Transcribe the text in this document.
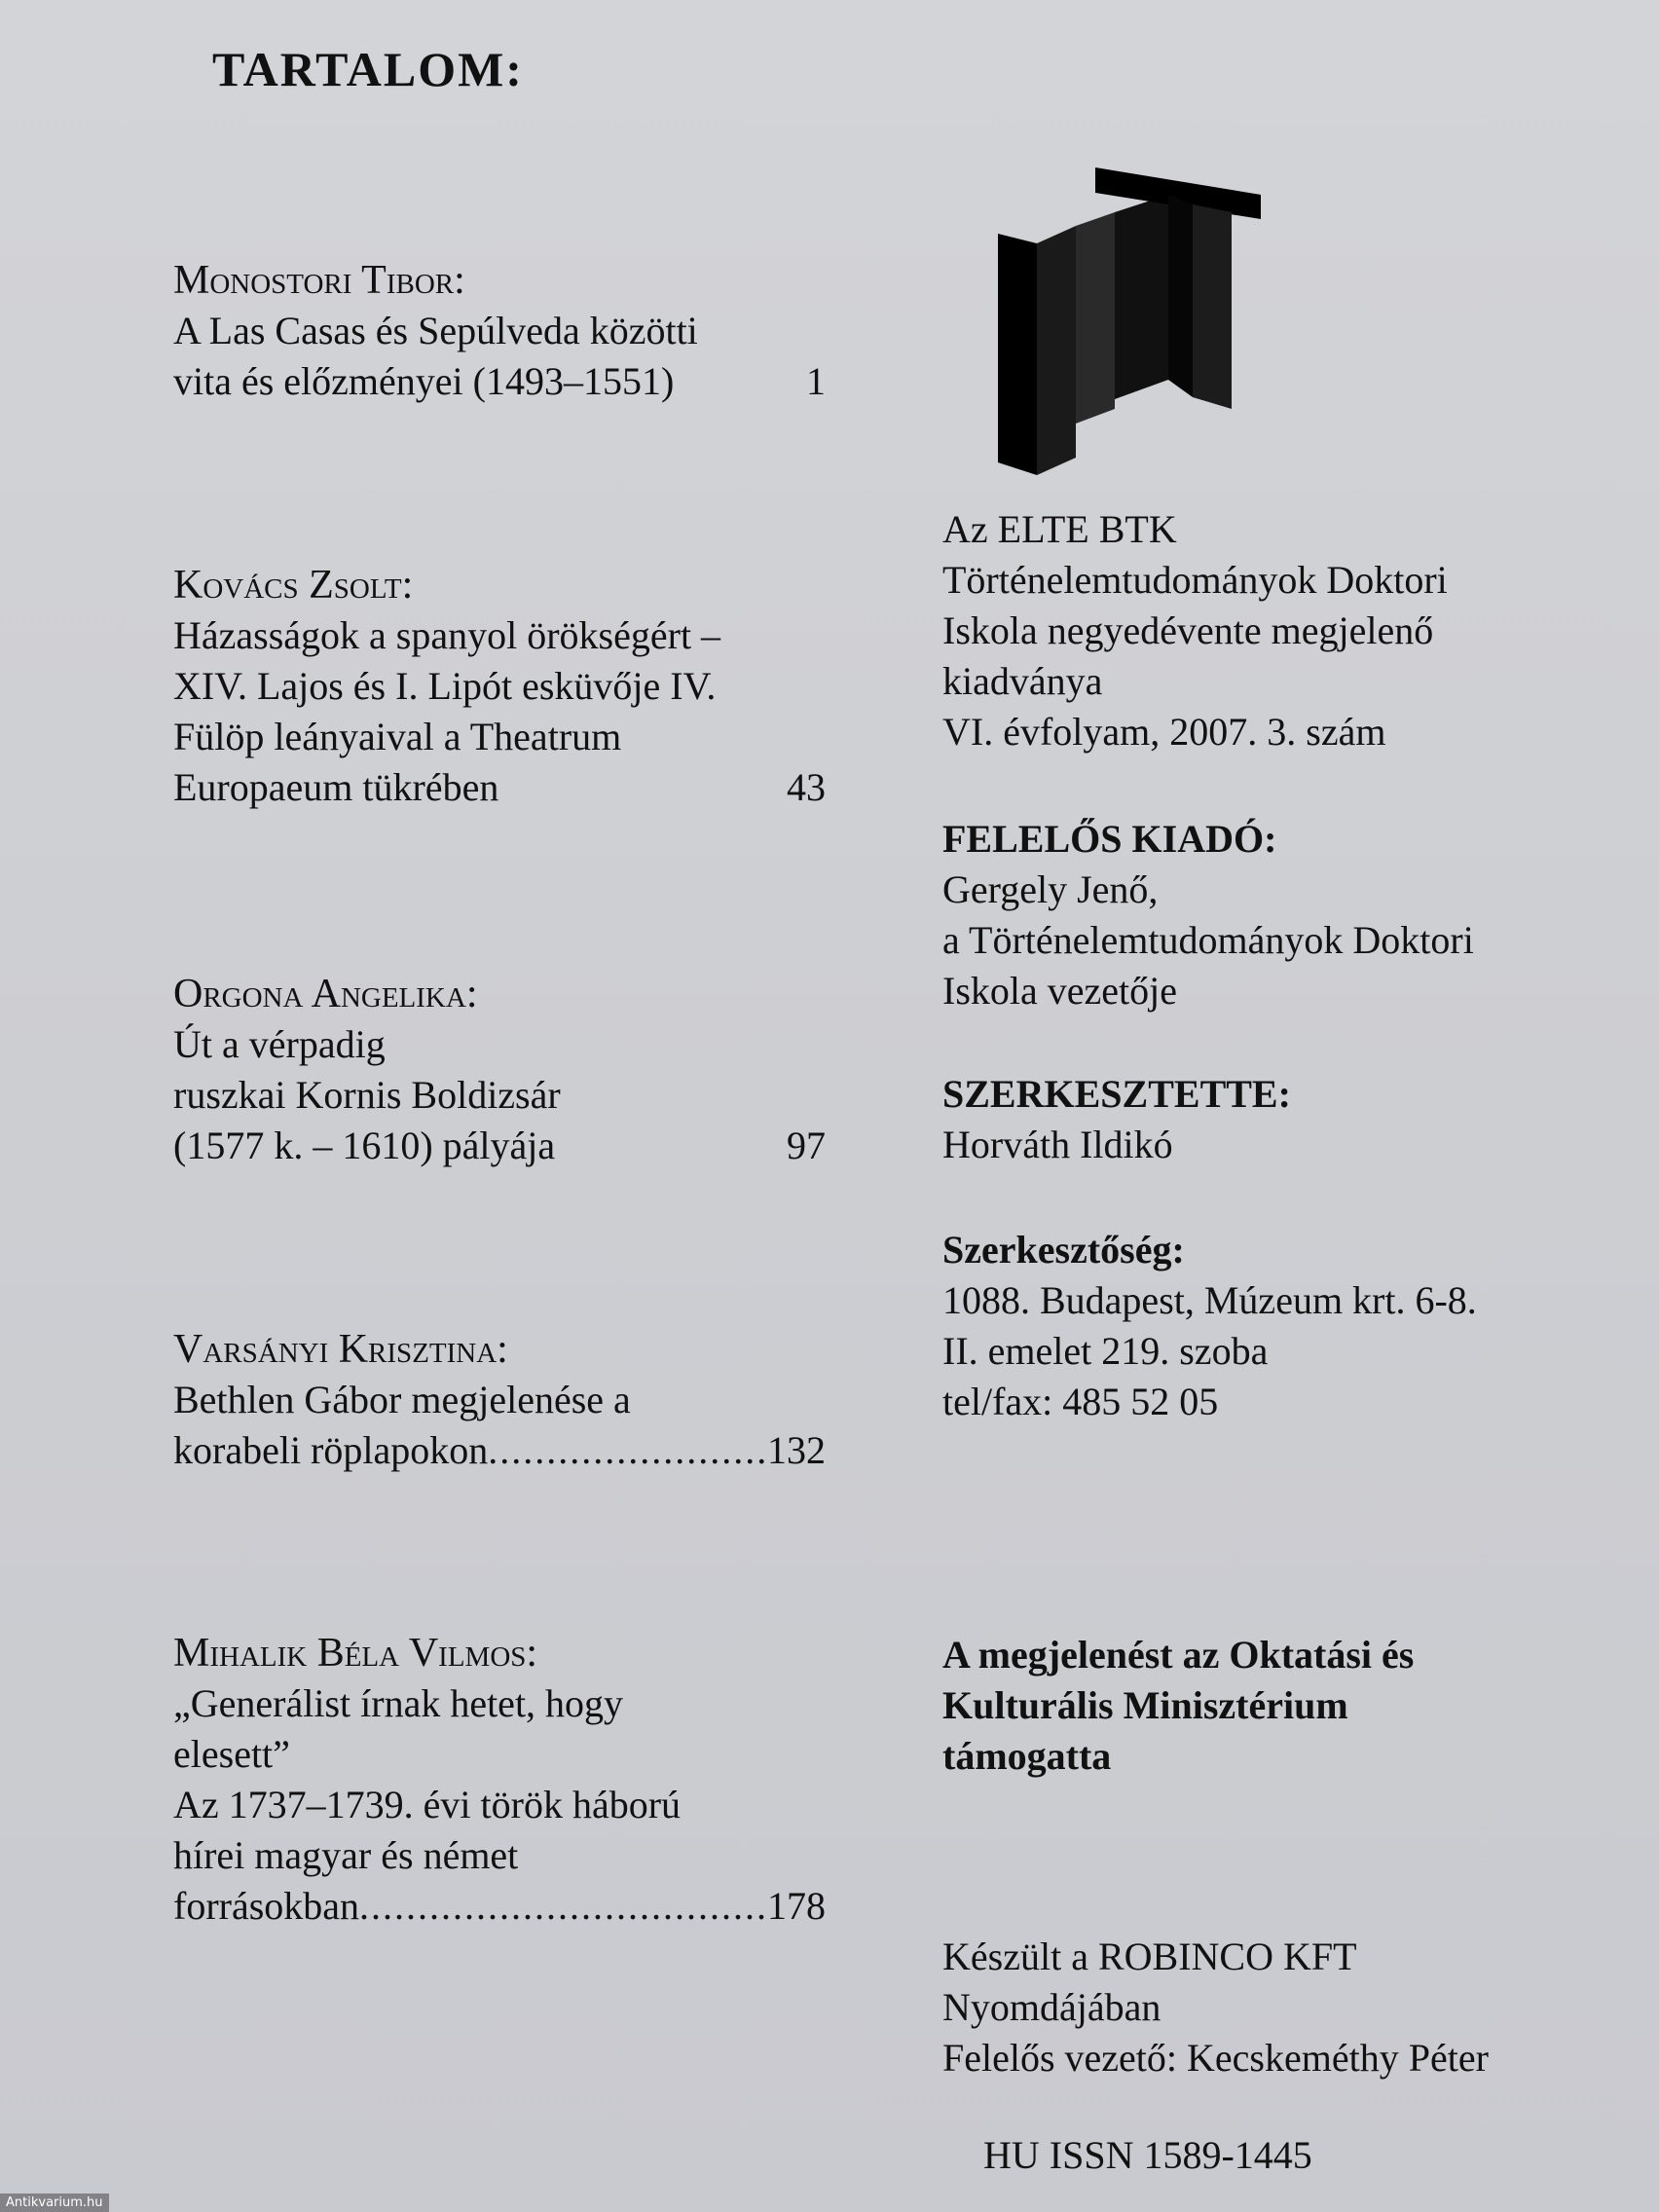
TARTALOM:
Monostori Tibor:
A Las Casas és Sepúlveda közötti
vita és előzményei (1493–1551)	1
Kovács Zsolt:
Házasságok a spanyol örökségért –
XIV. Lajos és I. Lipót esküvője IV.
Fülöp leányaival a Theatrum
Europaeum tükrében	43
Orgona Angelika:
Út a vérpadig
ruszkai Kornis Boldizsár
(1577 k. – 1610) pályája	97
Varsányi Krisztina:
Bethlen Gábor megjelenése a
korabeli röplapokon .....	132
Mihalik Béla Vilmos:
„Generálist írnak hetet, hogy
elesett”
Az 1737–1739. évi török háború
hírei magyar és német
forrásokban .....	178

Az ELTE BTK

Történelemtudományok Doktori

Iskola negyedévente megjelenő

kiadványa

VI. évfolyam, 2007. 3. szám

FELELŐS KIADÓ:

Gergely Jenő,

a Történelemtudományok Doktori

Iskola vezetője

SZERKESZTETTE:

Horváth Ildikó

Szerkesztőség:

1088. Budapest, Múzeum krt. 6-8.

II. emelet 219. szoba

tel/fax: 485 52 05

A megjelenést az Oktatási és

Kulturális Minisztérium

támogatta

Készült a ROBINCO KFT

Nyomdájában

Felelős vezető: Kecskeméthy Péter

HU ISSN 1589-1445
Antikvarium.hu
